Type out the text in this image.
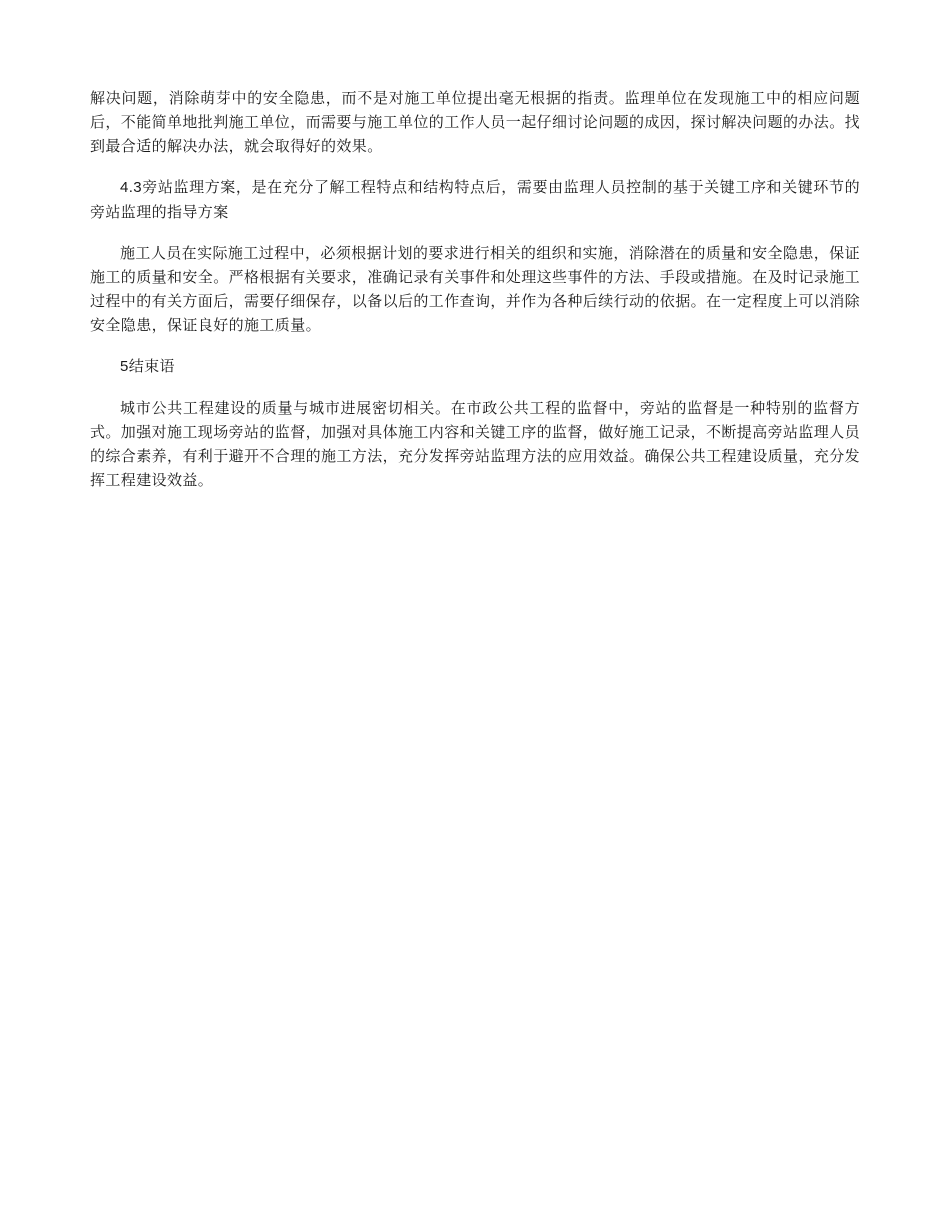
解决问题，消除萌芽中的安全隐患，而不是对施工单位提出毫无根据的指责。监理单位在发现施工中的相应问题后，不能简单地批判施工单位，而需要与施工单位的工作人员一起仔细讨论问题的成因，探讨解决问题的办法。找到最合适的解决办法，就会取得好的效果。

4.3旁站监理方案，是在充分了解工程特点和结构特点后，需要由监理人员控制的基于关键工序和关键环节的旁站监理的指导方案

施工人员在实际施工过程中，必须根据计划的要求进行相关的组织和实施，消除潜在的质量和安全隐患，保证施工的质量和安全。严格根据有关要求，准确记录有关事件和处理这些事件的方法、手段或措施。在及时记录施工过程中的有关方面后，需要仔细保存，以备以后的工作查询，并作为各种后续行动的依据。在一定程度上可以消除安全隐患，保证良好的施工质量。

5结束语

城市公共工程建设的质量与城市进展密切相关。在市政公共工程的监督中，旁站的监督是一种特别的监督方式。加强对施工现场旁站的监督，加强对具体施工内容和关键工序的监督，做好施工记录，不断提高旁站监理人员的综合素养，有利于避开不合理的施工方法，充分发挥旁站监理方法的应用效益。确保公共工程建设质量，充分发挥工程建设效益。
